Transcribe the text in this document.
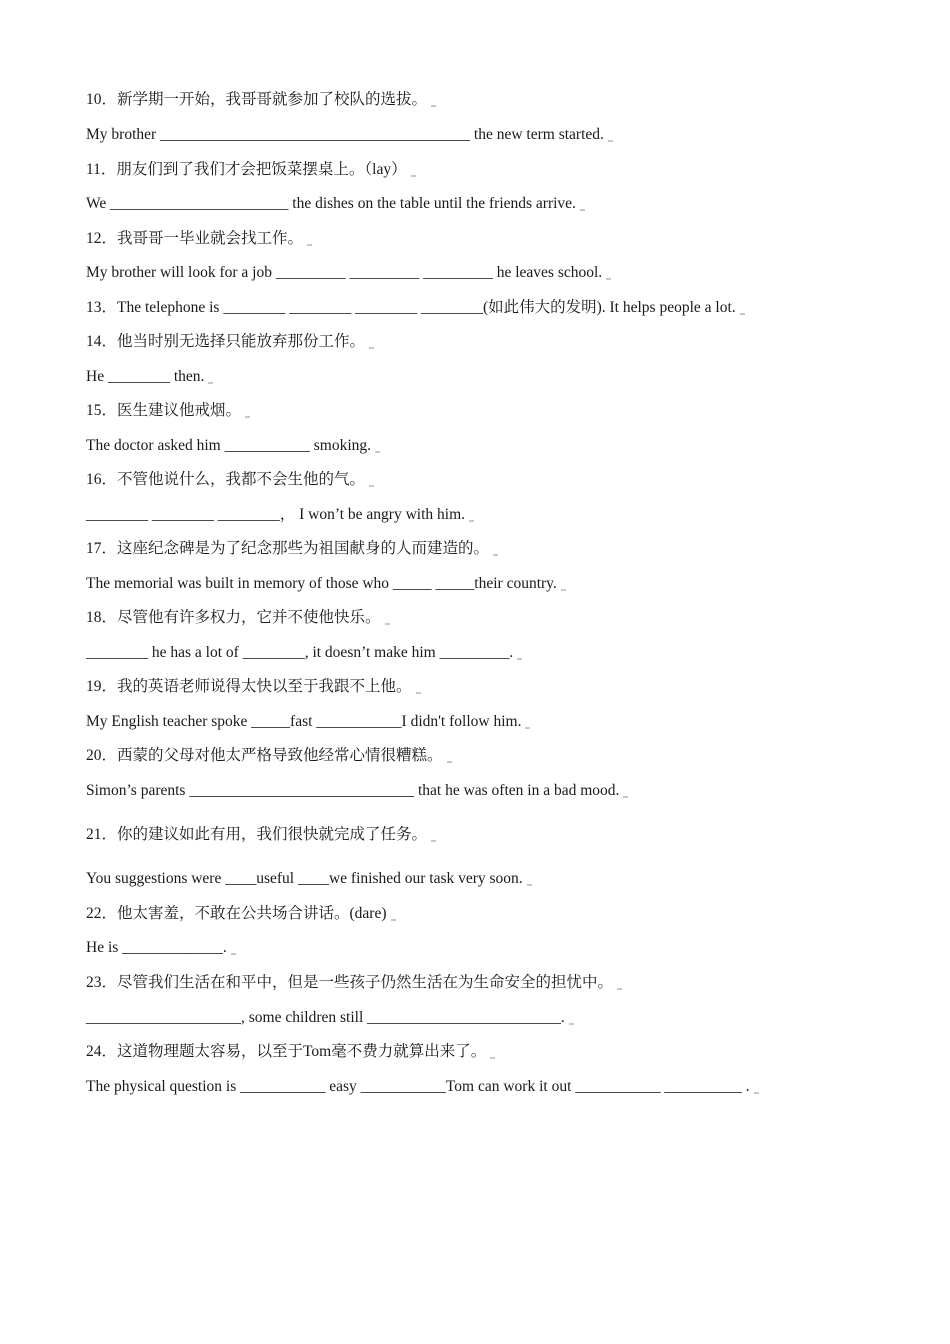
10．新学期一开始，我哥哥就参加了校队的选拔。
My brother ________________________________________ the new term started.
11．朋友们到了我们才会把饭菜摆桌上。（lay）
We _______________________ the dishes on the table until the friends arrive.
12．我哥哥一毕业就会找工作。
My brother will look for a job _________ _________ _________ he leaves school.
13．The telephone is ________ ________ ________ ________(如此伟大的发明). It helps people a lot.
14．他当时别无选择只能放弃那份工作。
He ________ then.
15．医生建议他戒烟。
The doctor asked him ___________ smoking.
16．不管他说什么，我都不会生他的气。
________ ________ ________， I won’t be angry with him.
17．这座纪念碑是为了纪念那些为祖国献身的人而建造的。
The memorial was built in memory of those who _____ _____their country.
18．尽管他有许多权力，它并不使他快乐。
________ he has a lot of ________, it doesn’t make him _________.
19．我的英语老师说得太快以至于我跟不上他。
My English teacher spoke _____fast ___________I didn't follow him.
20．西蒙的父母对他太严格导致他经常心情很糟糕。
Simon’s parents _____________________________ that he was often in a bad mood.
21．你的建议如此有用，我们很快就完成了任务。
You suggestions were ____useful ____we finished our task very soon.
22．他太害羞，不敢在公共场合讲话。(dare)
He is _____________.
23．尽管我们生活在和平中，但是一些孩子仍然生活在为生命安全的担忧中。
____________________, some children still _________________________.
24．这道物理题太容易，以至于Tom毫不费力就算出来了。
The physical question is ___________ easy ___________Tom can work it out ___________ __________ .
